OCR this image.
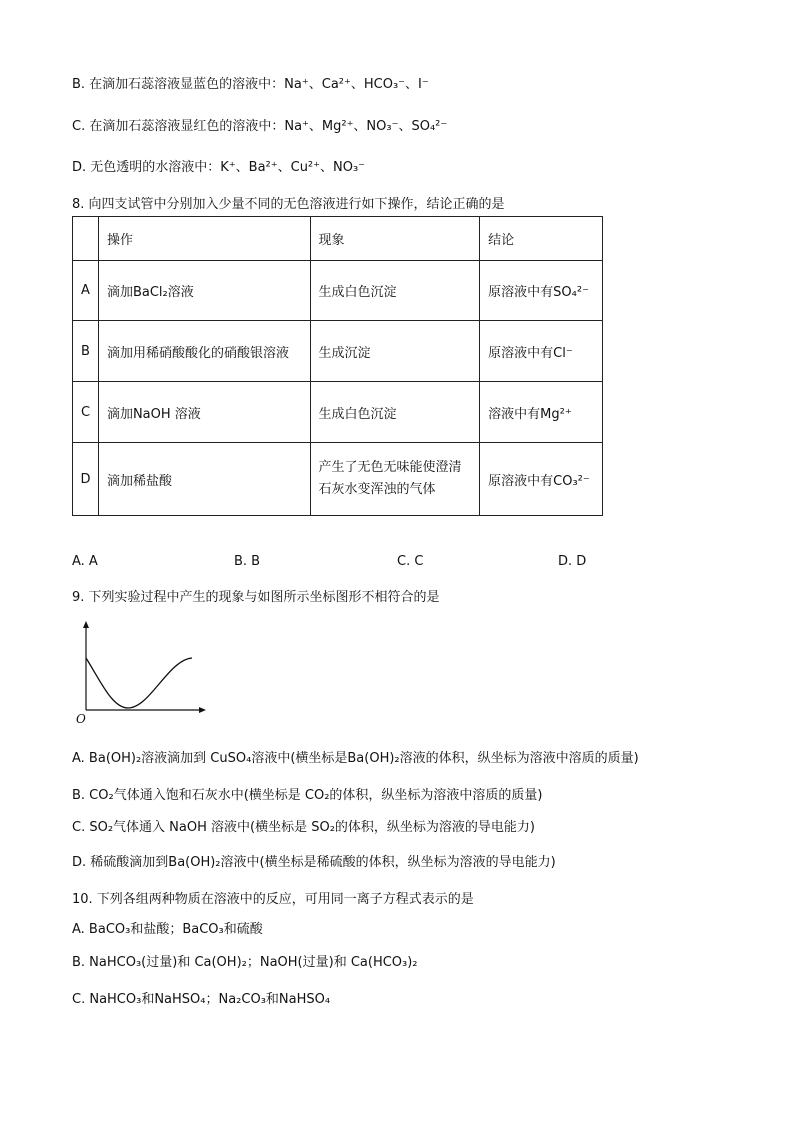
B. 在滴加石蕊溶液显蓝色的溶液中：Na⁺、Ca²⁺、HCO₃⁻、I⁻
C. 在滴加石蕊溶液显红色的溶液中：Na⁺、Mg²⁺、NO₃⁻、SO₄²⁻
D. 无色透明的水溶液中：K⁺、Ba²⁺、Cu²⁺、NO₃⁻
8. 向四支试管中分别加入少量不同的无色溶液进行如下操作，结论正确的是
	操作	现象	结论
A	滴加BaCl₂溶液	生成白色沉淀	原溶液中有SO₄²⁻
B	滴加用稀硝酸酸化的硝酸银溶液	生成沉淀	原溶液中有Cl⁻
C	滴加NaOH 溶液	生成白色沉淀	溶液中有Mg²⁺
D	滴加稀盐酸	产生了无色无味能使澄清石灰水变浑浊的气体	原溶液中有CO₃²⁻
A. A	B. B	C. C	D. D
9. 下列实验过程中产生的现象与如图所示坐标图形不相符合的是
O
A. Ba(OH)₂溶液滴加到 CuSO₄溶液中(横坐标是Ba(OH)₂溶液的体积，纵坐标为溶液中溶质的质量)
B. CO₂气体通入饱和石灰水中(横坐标是 CO₂的体积，纵坐标为溶液中溶质的质量)
C. SO₂气体通入 NaOH 溶液中(横坐标是 SO₂的体积，纵坐标为溶液的导电能力)
D. 稀硫酸滴加到Ba(OH)₂溶液中(横坐标是稀硫酸的体积，纵坐标为溶液的导电能力)
10. 下列各组两种物质在溶液中的反应，可用同一离子方程式表示的是
A. BaCO₃和盐酸；BaCO₃和硫酸
B. NaHCO₃(过量)和 Ca(OH)₂；NaOH(过量)和 Ca(HCO₃)₂
C. NaHCO₃和NaHSO₄；Na₂CO₃和NaHSO₄
